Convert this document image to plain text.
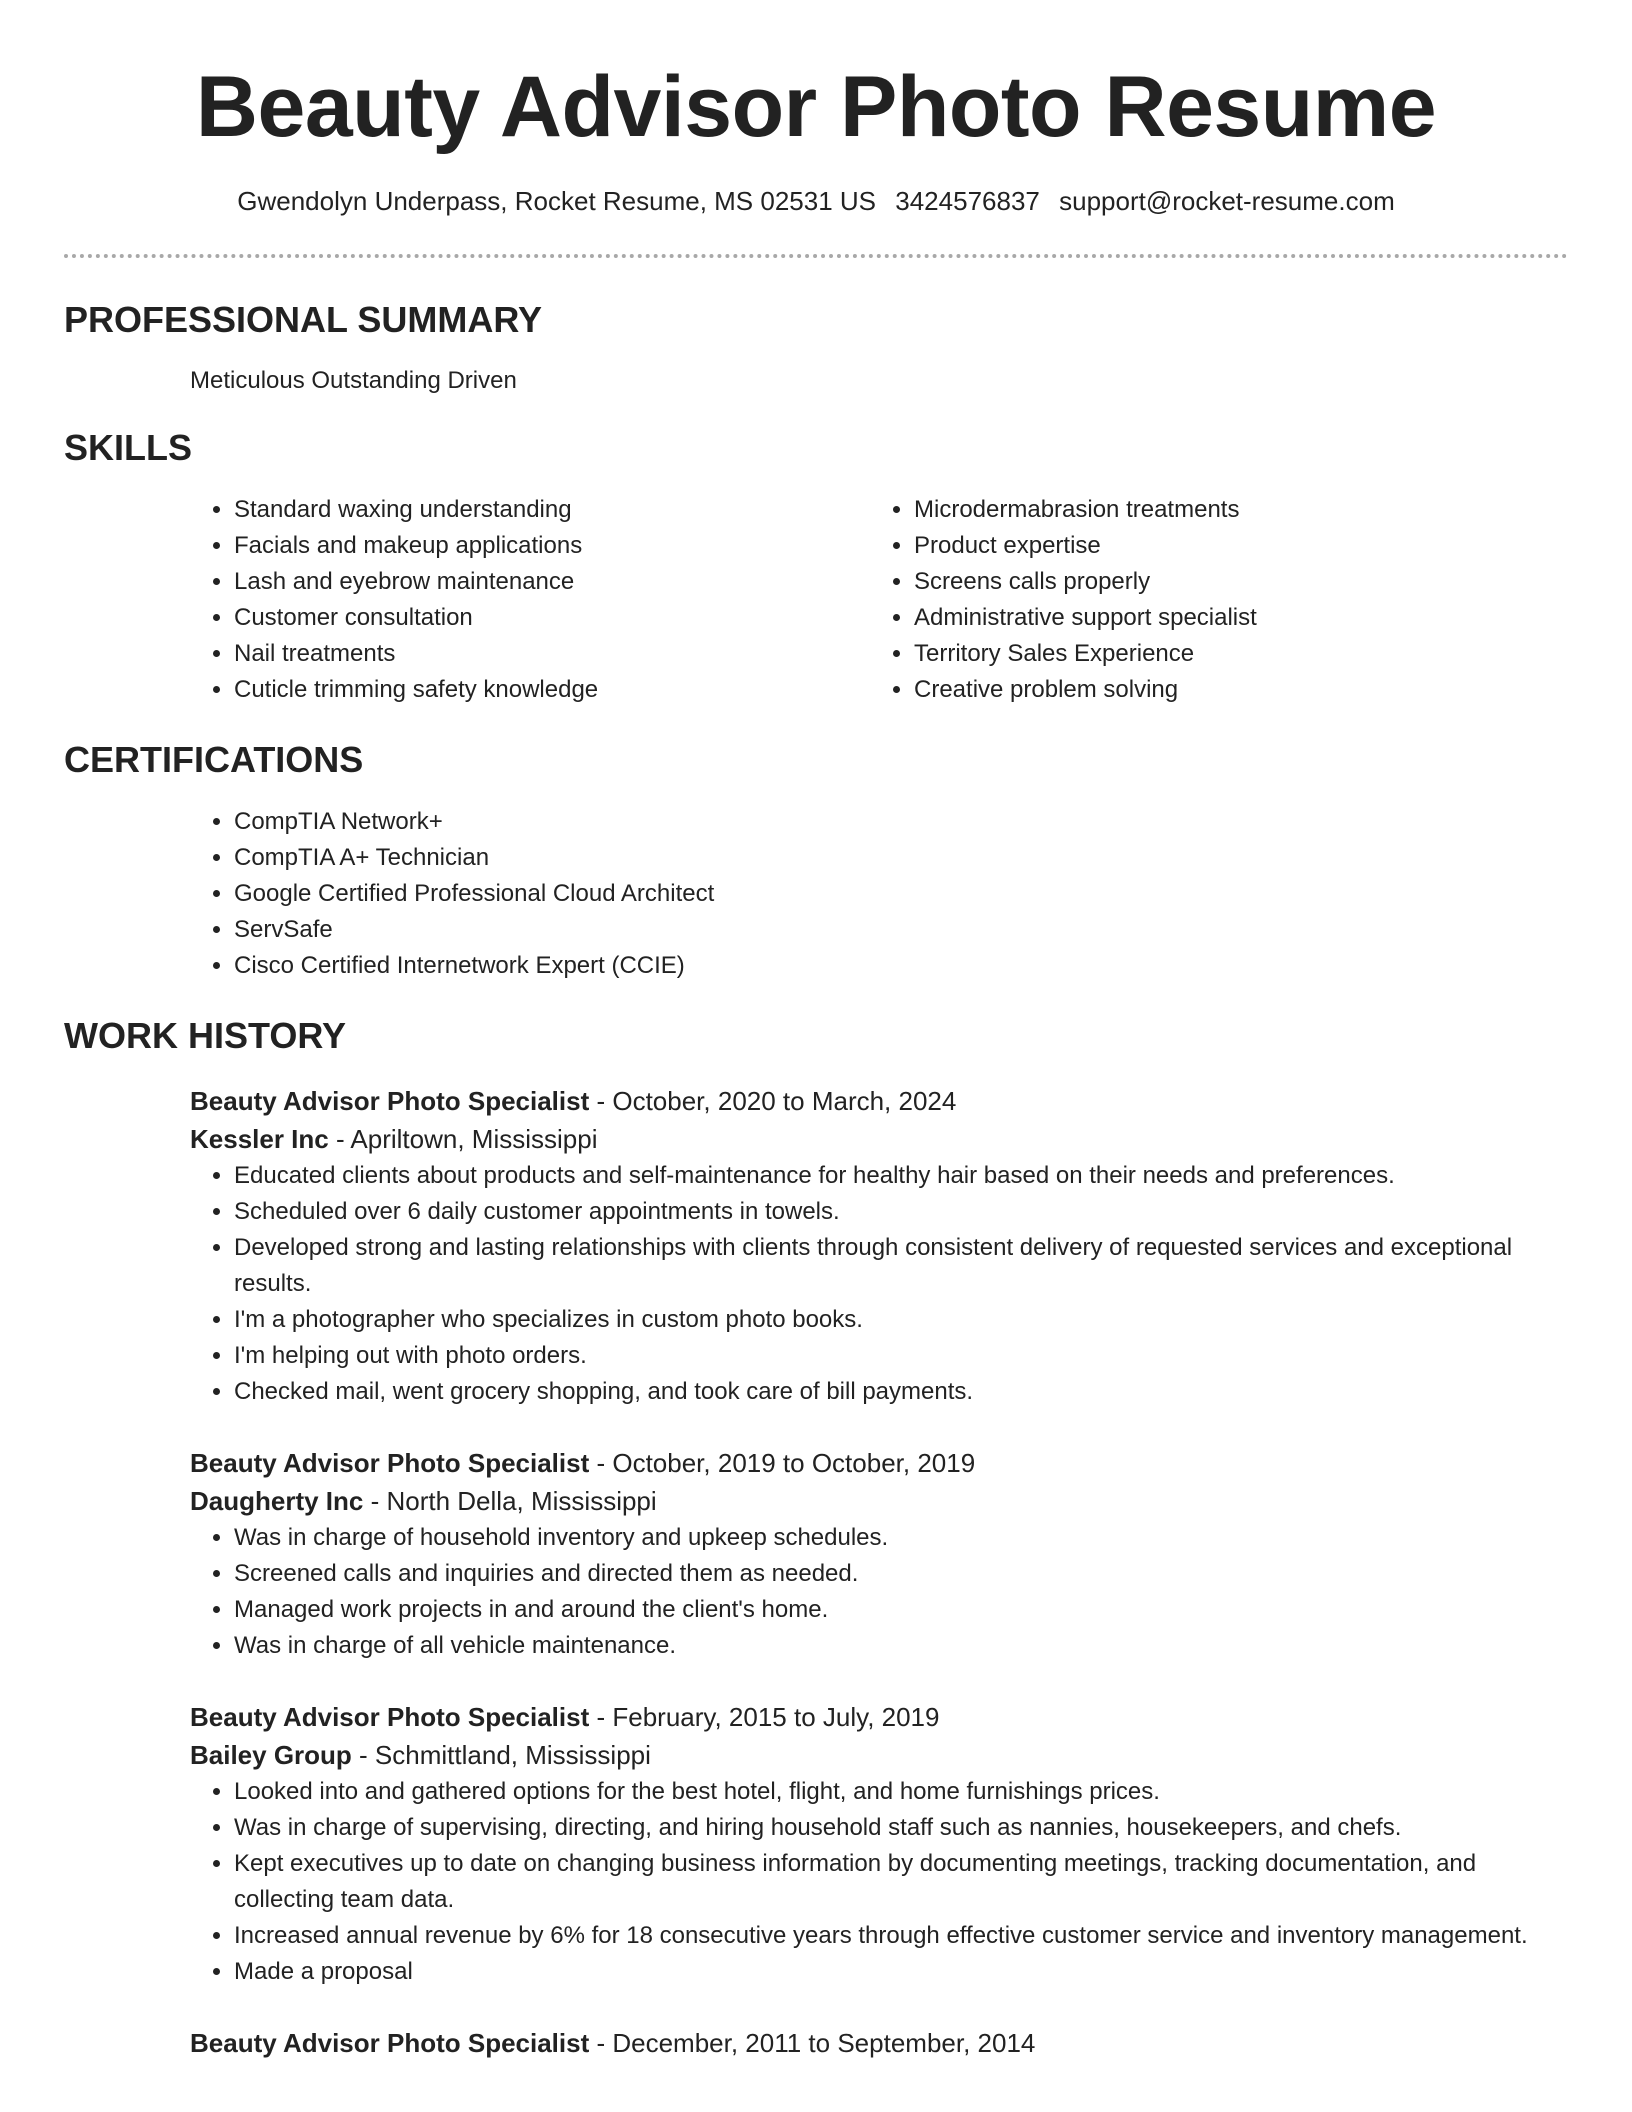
Beauty Advisor Photo Resume
Gwendolyn Underpass, Rocket Resume, MS 02531 US 3424576837 support@rocket-resume.com
PROFESSIONAL SUMMARY
Meticulous Outstanding Driven
SKILLS
• Standard waxing understanding
• Facials and makeup applications
• Lash and eyebrow maintenance
• Customer consultation
• Nail treatments
• Cuticle trimming safety knowledge
• Microdermabrasion treatments
• Product expertise
• Screens calls properly
• Administrative support specialist
• Territory Sales Experience
• Creative problem solving
CERTIFICATIONS
• CompTIA Network+
• CompTIA A+ Technician
• Google Certified Professional Cloud Architect
• ServSafe
• Cisco Certified Internetwork Expert (CCIE)
WORK HISTORY
Beauty Advisor Photo Specialist - October, 2020 to March, 2024
Kessler Inc - Apriltown, Mississippi
• Educated clients about products and self-maintenance for healthy hair based on their needs and preferences.
• Scheduled over 6 daily customer appointments in towels.
• Developed strong and lasting relationships with clients through consistent delivery of requested services and exceptional results.
• I'm a photographer who specializes in custom photo books.
• I'm helping out with photo orders.
• Checked mail, went grocery shopping, and took care of bill payments.
Beauty Advisor Photo Specialist - October, 2019 to October, 2019
Daugherty Inc - North Della, Mississippi
• Was in charge of household inventory and upkeep schedules.
• Screened calls and inquiries and directed them as needed.
• Managed work projects in and around the client's home.
• Was in charge of all vehicle maintenance.
Beauty Advisor Photo Specialist - February, 2015 to July, 2019
Bailey Group - Schmittland, Mississippi
• Looked into and gathered options for the best hotel, flight, and home furnishings prices.
• Was in charge of supervising, directing, and hiring household staff such as nannies, housekeepers, and chefs.
• Kept executives up to date on changing business information by documenting meetings, tracking documentation, and collecting team data.
• Increased annual revenue by 6% for 18 consecutive years through effective customer service and inventory management.
• Made a proposal
Beauty Advisor Photo Specialist - December, 2011 to September, 2014
